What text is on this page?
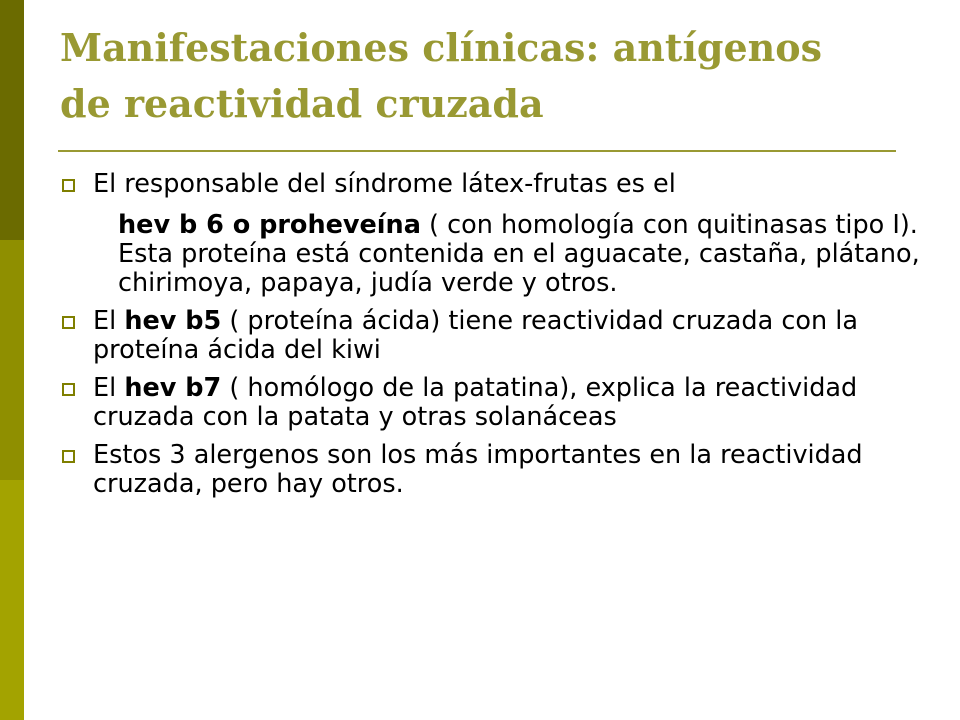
Manifestaciones clínicas: antígenos
de reactividad cruzada
El responsable del síndrome látex-frutas es el
hev b 6 o proheveína ( con homología con quitinasas tipo I). Esta proteína está contenida en el aguacate, castaña, plátano, chirimoya, papaya, judía verde y otros.
El hev b5 ( proteína ácida) tiene reactividad cruzada con la proteína ácida del kiwi
El hev b7 ( homólogo de la patatina), explica la reactividad cruzada con la patata y otras solanáceas
Estos 3 alergenos son los más importantes en la reactividad cruzada, pero hay otros.
